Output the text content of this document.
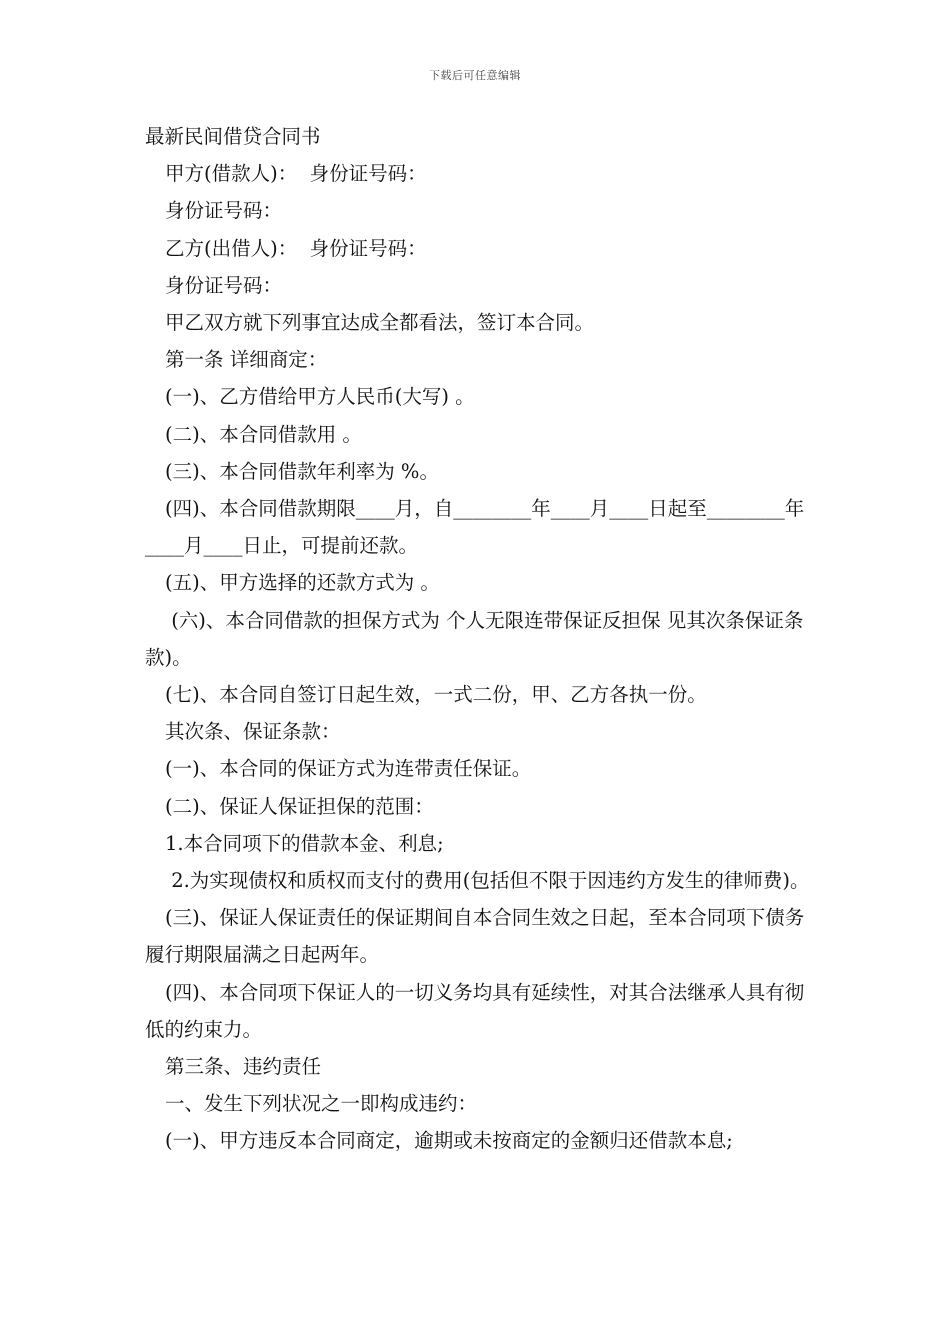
下载后可任意编辑
最新民间借贷合同书
甲方(借款人)：  身份证号码：
身份证号码：
乙方(出借人)：  身份证号码：
身份证号码：
甲乙双方就下列事宜达成全都看法，签订本合同。
第一条 详细商定：
(一)、乙方借给甲方人民币(大写) 。
(二)、本合同借款用 。
(三)、本合同借款年利率为 %。
(四)、本合同借款期限____月，自________年____月____日起至________年____月____日止，可提前还款。
(五)、甲方选择的还款方式为 。
(六)、本合同借款的担保方式为 个人无限连带保证反担保 见其次条保证条款)。
(七)、本合同自签订日起生效，一式二份，甲、乙方各执一份。
其次条、保证条款：
(一)、本合同的保证方式为连带责任保证。
(二)、保证人保证担保的范围：
1.本合同项下的借款本金、利息;
2.为实现债权和质权而支付的费用(包括但不限于因违约方发生的律师费)。
(三)、保证人保证责任的保证期间自本合同生效之日起，至本合同项下债务履行期限届满之日起两年。
(四)、本合同项下保证人的一切义务均具有延续性，对其合法继承人具有彻低的约束力。
第三条、违约责任
一、发生下列状况之一即构成违约：
(一)、甲方违反本合同商定，逾期或未按商定的金额归还借款本息;
